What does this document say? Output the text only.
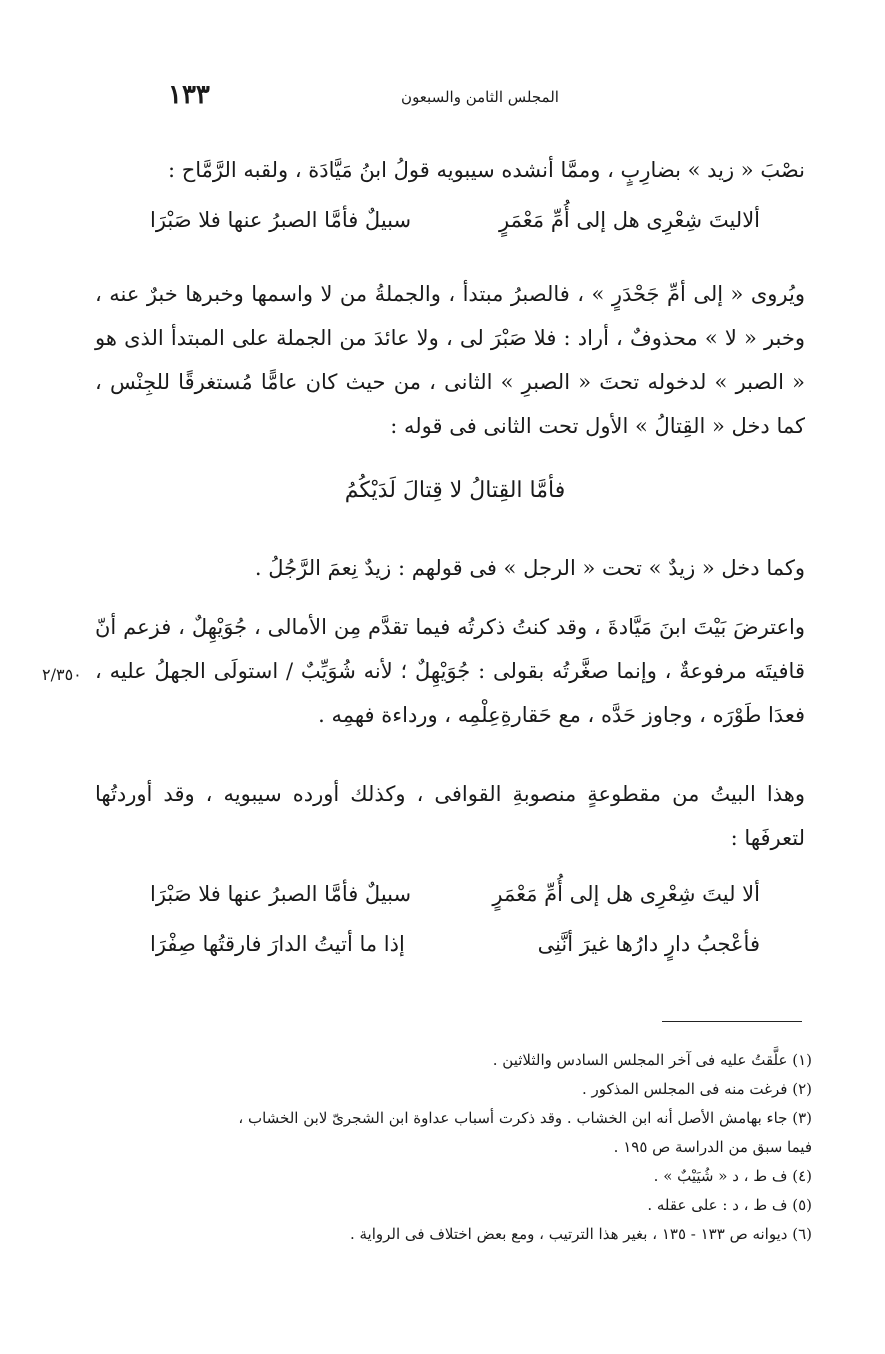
١٣٣	المجلس الثامن والسبعون
نصْبَ « زيد » بضارِبٍ ، وممَّا أنشده سيبويه قولُ ابنُ مَيَّادَة ، ولقبه الرَّمَّاح :
ألاليتَ شِعْرِى هل إلى أُمِّ مَعْمَرٍ
سبيلٌ فأمَّا الصبرُ عنها فلا صَبْرَا
ويُروى « إلى أمِّ جَحْدَرٍ » ، فالصبرُ مبتدأ ، والجملةُ من لا واسمها وخبرها خبرٌ عنه ، وخبر « لا » محذوفٌ ، أراد : فلا صَبْرَ لى ، ولا عائدَ من الجملة على المبتدأ الذى هو « الصبر » لدخوله تحتَ « الصبرِ » الثانى ، من حيث كان عامًّا مُستغرقًا للجِنْس ، كما دخل « القِتالُ » الأول تحت الثانى فى قوله :
فأمَّا القِتالُ لا قِتالَ لَدَيْكُمُ
وكما دخل « زيدٌ » تحت « الرجل » فى قولهم : زيدٌ نِعمَ الرَّجُلُ .
واعترضَ بَيْتَ ابنَ مَيَّادةَ ، وقد كنتُ ذكرتُه فيما تقدَّم مِن الأمالى ، جُوَيْهِلٌ ، فزعم أنّ قافيتَه مرفوعةٌ ، وإنما صغَّرتُه بقولى : جُوَيْهِلٌ ؛ لأنه شُوَيِّبٌ / استولَى الجهلُ عليه ، فعدَا طَوْرَه ، وجاوز حَدَّه ، مع حَقارةِعِلْمِه ، ورداءة فهمِه .
٢/٣٥٠
وهذا البيتُ من مقطوعةٍ منصوبةِ القوافى ، وكذلك أورده سيبويه ، وقد أوردتُها لتعرفَها :
ألا ليتَ شِعْرِى هل إلى أُمِّ مَعْمَرٍ
سبيلٌ فأمَّا الصبرُ عنها فلا صَبْرَا
فأعْجبُ دارٍ دارُها غيرَ أنَّنِى
إذا ما أتيتُ الدارَ فارقتُها صِفْرَا
(١) علَّقتُ عليه فى آخر المجلس السادس والثلاثين .
(٢) فرغت منه فى المجلس المذكور .
(٣) جاء بهامش الأصل أنه ابن الخشاب . وقد ذكرت أسباب عداوة ابن الشجرىّ لابن الخشاب ،
فيما سبق من الدراسة ص ١٩٥ .
(٤) ف ط ، د « شُيَيْبٌ » .
(٥) ف ط ، د : على عقله .
(٦) ديوانه ص ١٣٣ - ١٣٥ ، بغير هذا الترتيب ، ومع بعض اختلاف فى الرواية .
